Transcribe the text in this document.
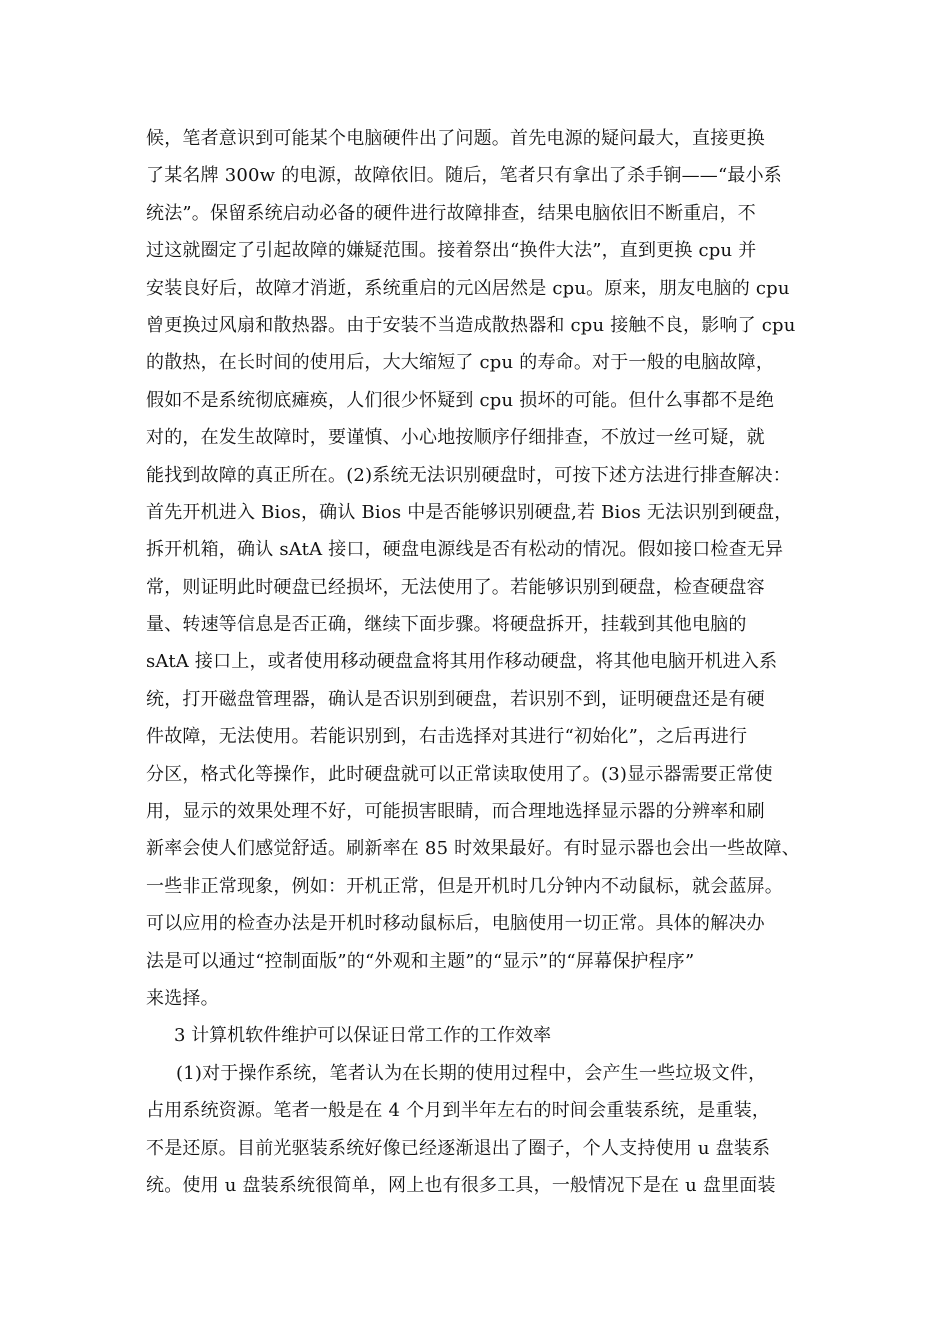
候，笔者意识到可能某个电脑硬件出了问题。首先电源的疑问最大，直接更换
了某名牌 300w 的电源，故障依旧。随后，笔者只有拿出了杀手锏——“最小系
统法”。保留系统启动必备的硬件进行故障排查，结果电脑依旧不断重启，不
过这就圈定了引起故障的嫌疑范围。接着祭出“换件大法”，直到更换 cpu 并
安装良好后，故障才消逝，系统重启的元凶居然是 cpu。原来，朋友电脑的 cpu
曾更换过风扇和散热器。由于安装不当造成散热器和 cpu 接触不良，影响了 cpu
的散热，在长时间的使用后，大大缩短了 cpu 的寿命。对于一般的电脑故障，
假如不是系统彻底瘫痪，人们很少怀疑到 cpu 损坏的可能。但什么事都不是绝
对的，在发生故障时，要谨慎、小心地按顺序仔细排查，不放过一丝可疑，就
能找到故障的真正所在。(2)系统无法识别硬盘时，可按下述方法进行排查解决：
首先开机进入 Bios，确认 Bios 中是否能够识别硬盘,若 Bios 无法识别到硬盘，
拆开机箱，确认 sAtA 接口，硬盘电源线是否有松动的情况。假如接口检查无异
常，则证明此时硬盘已经损坏，无法使用了。若能够识别到硬盘，检查硬盘容
量、转速等信息是否正确，继续下面步骤。将硬盘拆开，挂载到其他电脑的
sAtA 接口上，或者使用移动硬盘盒将其用作移动硬盘，将其他电脑开机进入系
统，打开磁盘管理器，确认是否识别到硬盘，若识别不到，证明硬盘还是有硬
件故障，无法使用。若能识别到，右击选择对其进行“初始化”，之后再进行
分区，格式化等操作，此时硬盘就可以正常读取使用了。(3)显示器需要正常使
用，显示的效果处理不好，可能损害眼睛，而合理地选择显示器的分辨率和刷
新率会使人们感觉舒适。刷新率在 85 时效果最好。有时显示器也会出一些故障、
一些非正常现象，例如：开机正常，但是开机时几分钟内不动鼠标，就会蓝屏。
可以应用的检查办法是开机时移动鼠标后，电脑使用一切正常。具体的解决办
法是可以通过“控制面版”的“外观和主题”的“显示”的“屏幕保护程序”
来选择。
3 计算机软件维护可以保证日常工作的工作效率
(1)对于操作系统，笔者认为在长期的使用过程中，会产生一些垃圾文件，
占用系统资源。笔者一般是在 4 个月到半年左右的时间会重装系统，是重装，
不是还原。目前光驱装系统好像已经逐渐退出了圈子，个人支持使用 u 盘装系
统。使用 u 盘装系统很简单，网上也有很多工具，一般情况下是在 u 盘里面装
